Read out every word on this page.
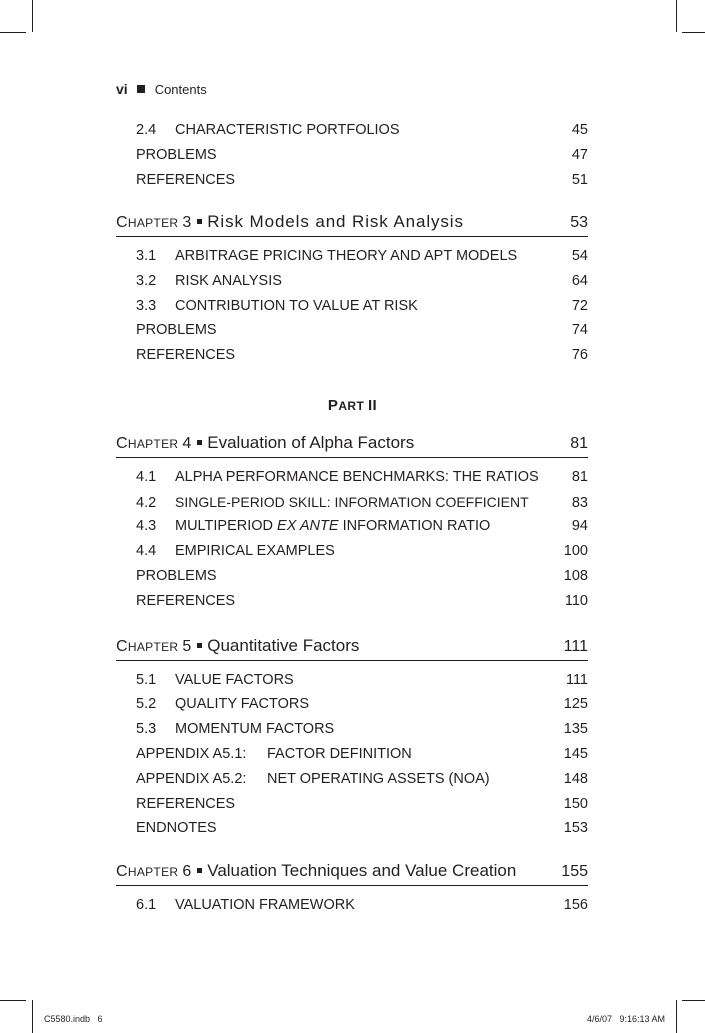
vi Contents
2.4	CHARACTERISTIC PORTFOLIOS	45
PROBLEMS	47
REFERENCES	51
CHAPTER 3 Risk Models and Risk Analysis	53
3.1	ARBITRAGE PRICING THEORY AND APT MODELS	54
3.2	RISK ANALYSIS	64
3.3	CONTRIBUTION TO VALUE AT RISK	72
PROBLEMS	74
REFERENCES	76
PART II
CHAPTER 4 Evaluation of Alpha Factors	81
4.1	ALPHA PERFORMANCE BENCHMARKS: THE RATIOS	81
4.2	SINGLE-PERIOD SKILL: INFORMATION COEFFICIENT	83
4.3	MULTIPERIOD EX ANTE INFORMATION RATIO	94
4.4	EMPIRICAL EXAMPLES	100
PROBLEMS	108
REFERENCES	110
CHAPTER 5 Quantitative Factors	111
5.1	VALUE FACTORS	111
5.2	QUALITY FACTORS	125
5.3	MOMENTUM FACTORS	135
APPENDIX A5.1:	FACTOR DEFINITION	145
APPENDIX A5.2:	NET OPERATING ASSETS (NOA)	148
REFERENCES	150
ENDNOTES	153
CHAPTER 6 Valuation Techniques and Value Creation	155
6.1	VALUATION FRAMEWORK	156
C5580.indb   6	4/6/07   9:16:13 AM
